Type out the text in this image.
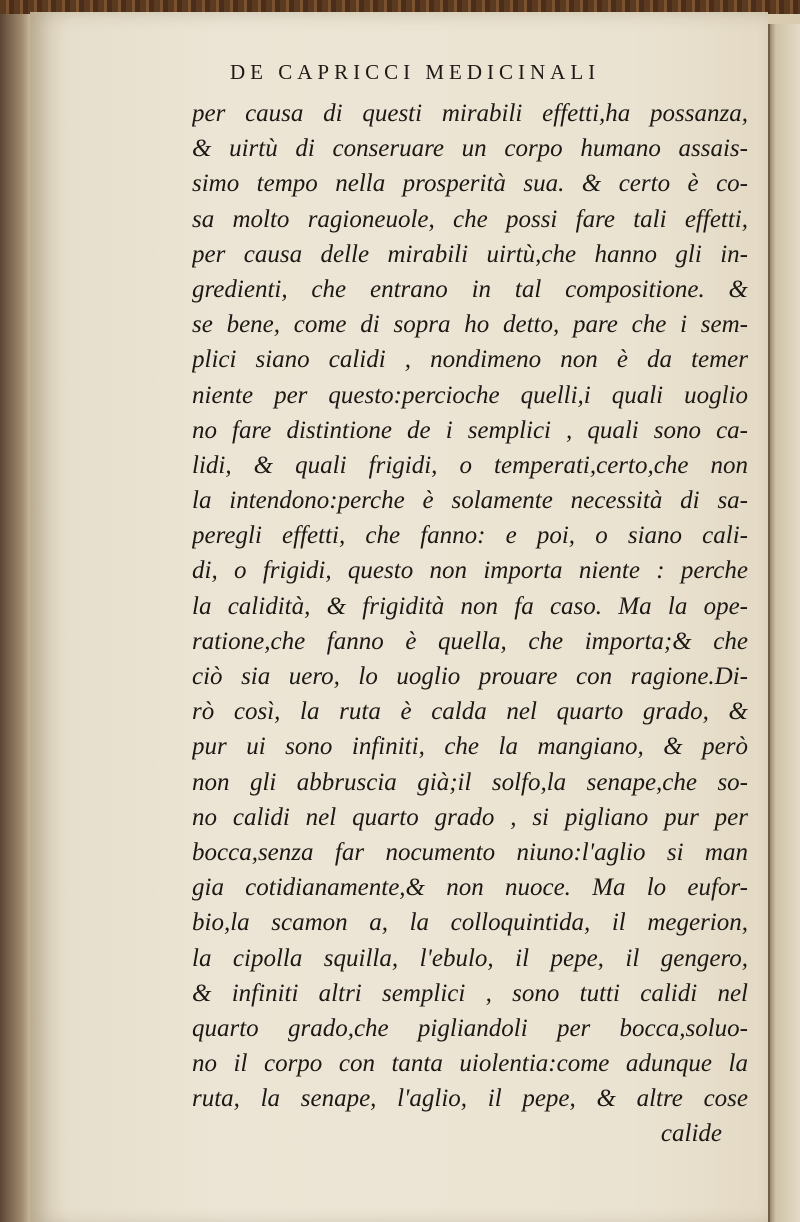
DE CAPRICCI MEDICINALI
per causa di questi mirabili effetti,ha possanza,
& uirtù di conseruare un corpo humano assais-
simo tempo nella prosperità sua. & certo è co-
sa molto ragioneuole, che possi fare tali effetti,
per causa delle mirabili uirtù,che hanno gli in-
gredienti, che entrano in tal compositione. &
se bene, come di sopra ho detto, pare che i sem-
plici siano calidi , nondimeno non è da temer
niente per questo:percioche quelli,i quali uoglio
no fare distintione de i semplici , quali sono ca-
lidi, & quali frigidi, o temperati,certo,che non
la intendono:perche è solamente necessità di sa-
peregli effetti, che fanno: e poi, o siano cali-
di, o frigidi, questo non importa niente : perche
la calidità, & frigidità non fa caso. Ma la ope-
ratione,che fanno è quella, che importa;& che
ciò sia uero, lo uoglio prouare con ragione.Di-
rò così, la ruta è calda nel quarto grado, &
pur ui sono infiniti, che la mangiano, & però
non gli abbrusciа già;il solfo,la senape,che so-
no calidi nel quarto grado , si pigliano pur per
bocca,senza far nocumento niuno:l'aglio si man
gia cotidianamente,& non nuoce. Ma lo eufor-
bio,la scamon a, la colloquintida, il megerion,
la cipolla squilla, l'ebulo, il pepe, il gengero,
& infiniti altri semplici , sono tutti calidi nel
quarto grado,che pigliandoli per bocca,soluo-
no il corpo con tanta uiolentia:come adunque la
ruta, la senape, l'aglio, il pepe, & altre cose
calide
